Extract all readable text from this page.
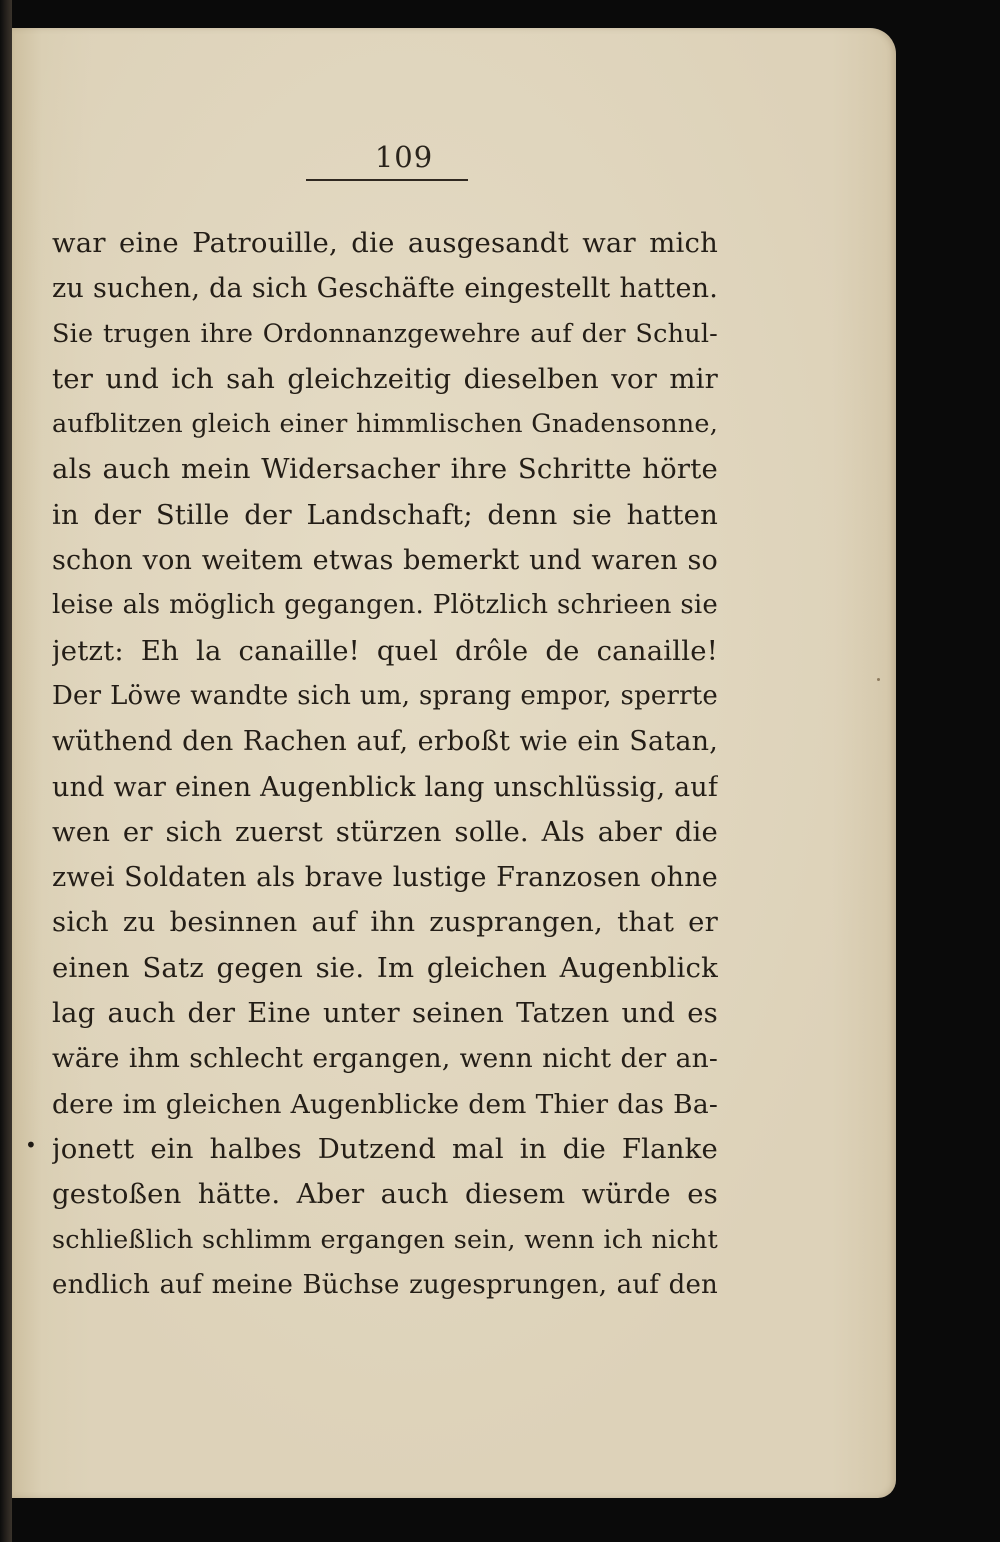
109
war eine Patrouille, die ausgesandt war mich
zu suchen, da sich Geschäfte eingestellt hatten.
Sie trugen ihre Ordonnanzgewehre auf der Schul-
ter und ich sah gleichzeitig dieselben vor mir
aufblitzen gleich einer himmlischen Gnadensonne,
als auch mein Widersacher ihre Schritte hörte
in der Stille der Landschaft; denn sie hatten
schon von weitem etwas bemerkt und waren so
leise als möglich gegangen. Plötzlich schrieen sie
jetzt: Eh la canaille! quel drôle de canaille!
Der Löwe wandte sich um, sprang empor, sperrte
wüthend den Rachen auf, erboßt wie ein Satan,
und war einen Augenblick lang unschlüssig, auf
wen er sich zuerst stürzen solle. Als aber die
zwei Soldaten als brave lustige Franzosen ohne
sich zu besinnen auf ihn zusprangen, that er
einen Satz gegen sie. Im gleichen Augenblick
lag auch der Eine unter seinen Tatzen und es
wäre ihm schlecht ergangen, wenn nicht der an-
dere im gleichen Augenblicke dem Thier das Ba-
jonett ein halbes Dutzend mal in die Flanke
gestoßen hätte. Aber auch diesem würde es
schließlich schlimm ergangen sein, wenn ich nicht
endlich auf meine Büchse zugesprungen, auf den
•
